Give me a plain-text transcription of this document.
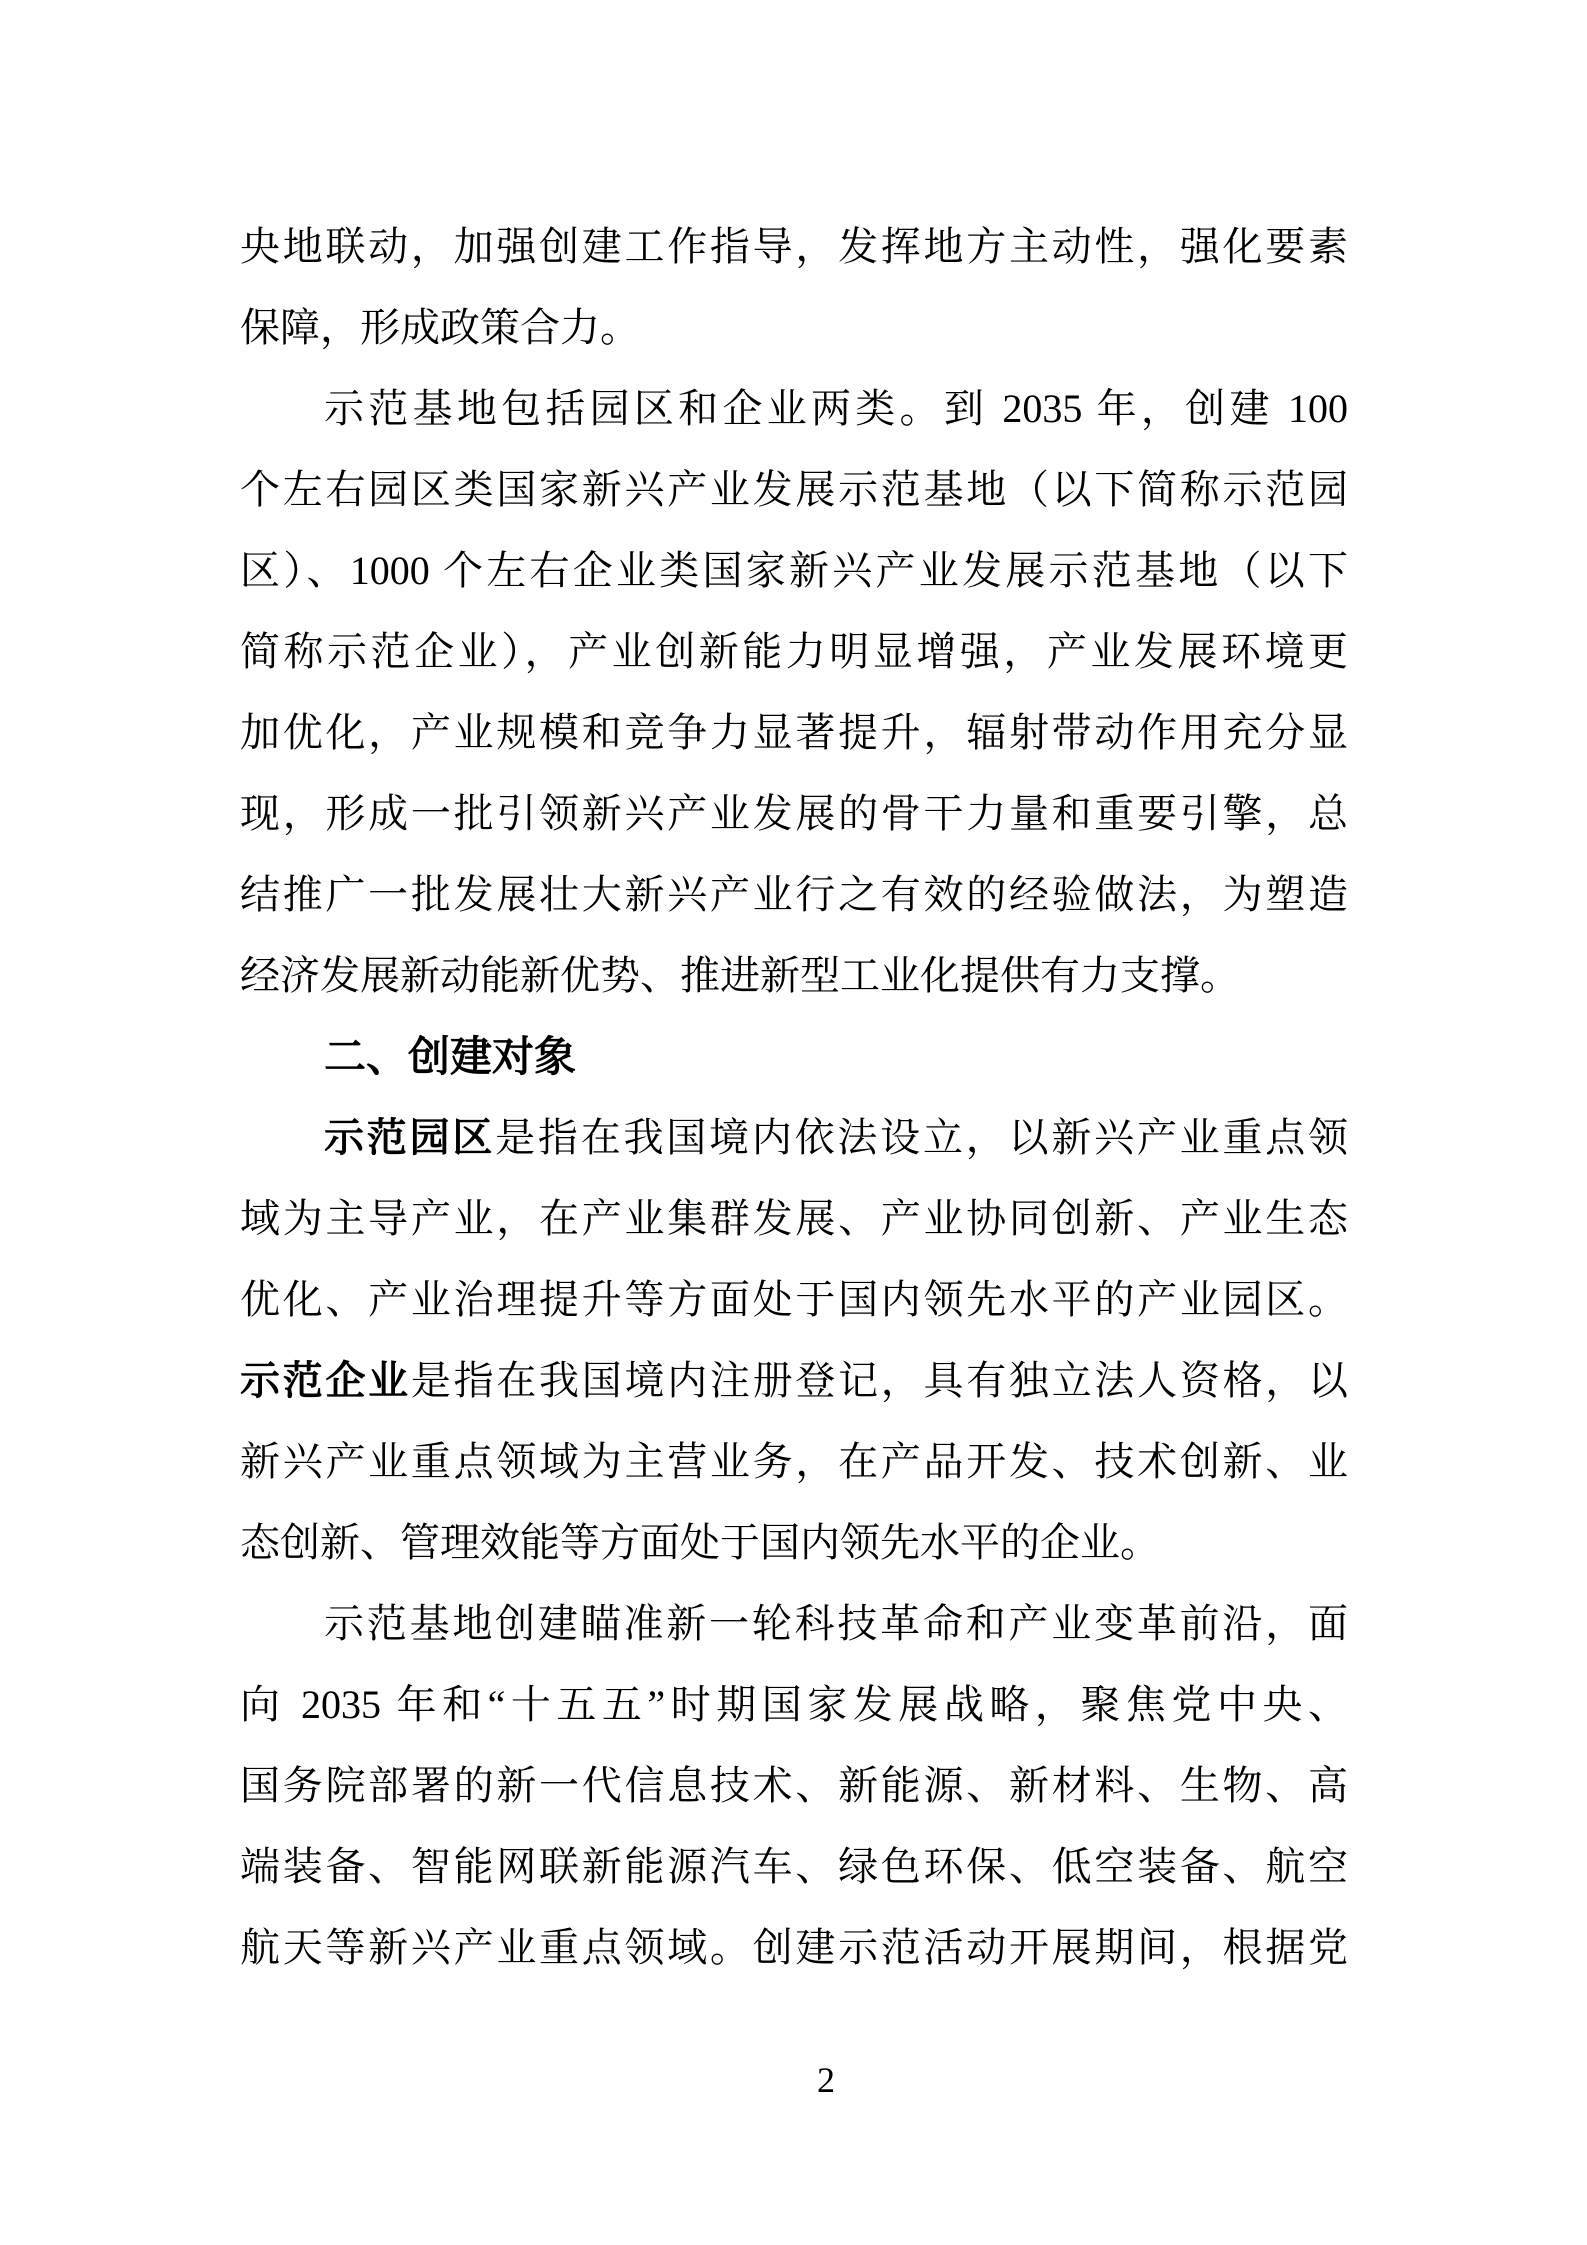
央地联动，加强创建工作指导，发挥地方主动性，强化要素
保障，形成政策合力。
示范基地包括园区和企业两类。到 2035 年，创建 100
个左右园区类国家新兴产业发展示范基地（以下简称示范园
区）、1000 个左右企业类国家新兴产业发展示范基地（以下
简称示范企业），产业创新能力明显增强，产业发展环境更
加优化，产业规模和竞争力显著提升，辐射带动作用充分显
现，形成一批引领新兴产业发展的骨干力量和重要引擎，总
结推广一批发展壮大新兴产业行之有效的经验做法，为塑造
经济发展新动能新优势、推进新型工业化提供有力支撑。
二、创建对象
示范园区是指在我国境内依法设立，以新兴产业重点领
域为主导产业，在产业集群发展、产业协同创新、产业生态
优化、产业治理提升等方面处于国内领先水平的产业园区。
示范企业是指在我国境内注册登记，具有独立法人资格，以
新兴产业重点领域为主营业务，在产品开发、技术创新、业
态创新、管理效能等方面处于国内领先水平的企业。
示范基地创建瞄准新一轮科技革命和产业变革前沿，面
向 2035 年和“十五五”时期国家发展战略，聚焦党中央、
国务院部署的新一代信息技术、新能源、新材料、生物、高
端装备、智能网联新能源汽车、绿色环保、低空装备、航空
航天等新兴产业重点领域。创建示范活动开展期间，根据党
2
